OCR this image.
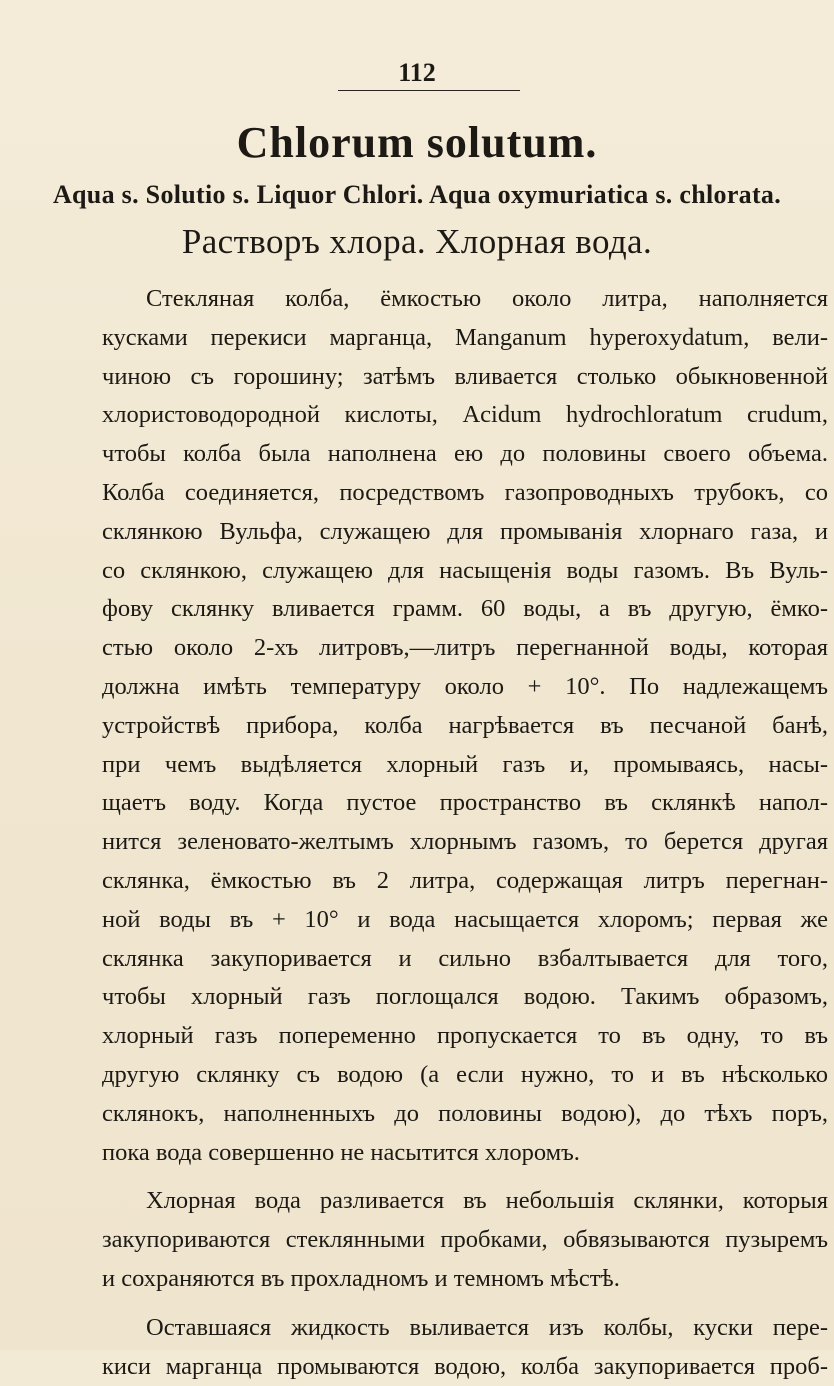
112
Chlorum solutum.
Aqua s. Solutio s. Liquor Chlori. Aqua oxymuriatica s. chlorata.
Растворъ хлора. Хлорная вода.
Стекляная колба, ёмкостью около литра, наполняется
кусками перекиси марганца, Manganum hyperoxydatum, вели-
чиною съ горошину; затѣмъ вливается столько обыкновенной
хлористоводородной кислоты, Acidum hydrochloratum crudum,
чтобы колба была наполнена ею до половины своего объема.
Колба соединяется, посредствомъ газопроводныхъ трубокъ, со
склянкою Вульфа, служащею для промыванія хлорнаго газа, и
со склянкою, служащею для насыщенія воды газомъ. Въ Вуль-
фову склянку вливается грамм. 60 воды, а въ другую, ёмко-
стью около 2-хъ литровъ,—литръ перегнанной воды, которая
должна имѣть температуру около + 10°. По надлежащемъ
устройствѣ прибора, колба нагрѣвается въ песчаной банѣ,
при чемъ выдѣляется хлорный газъ и, промываясь, насы-
щаетъ воду. Когда пустое пространство въ склянкѣ напол-
нится зеленовато-желтымъ хлорнымъ газомъ, то берется другая
склянка, ёмкостью въ 2 литра, содержащая литръ перегнан-
ной воды въ + 10° и вода насыщается хлоромъ; первая же
склянка закупоривается и сильно взбалтывается для того,
чтобы хлорный газъ поглощался водою. Такимъ образомъ,
хлорный газъ попеременно пропускается то въ одну, то въ
другую склянку съ водою (а если нужно, то и въ нѣсколько
склянокъ, наполненныхъ до половины водою), до тѣхъ поръ,
пока вода совершенно не насытится хлоромъ.
Хлорная вода разливается въ небольшія склянки, которыя
закупориваются стеклянными пробками, обвязываются пузыремъ
и сохраняются въ прохладномъ и темномъ мѣстѣ.
Оставшаяся жидкость выливается изъ колбы, куски пере-
киси марганца промываются водою, колба закупоривается проб-
